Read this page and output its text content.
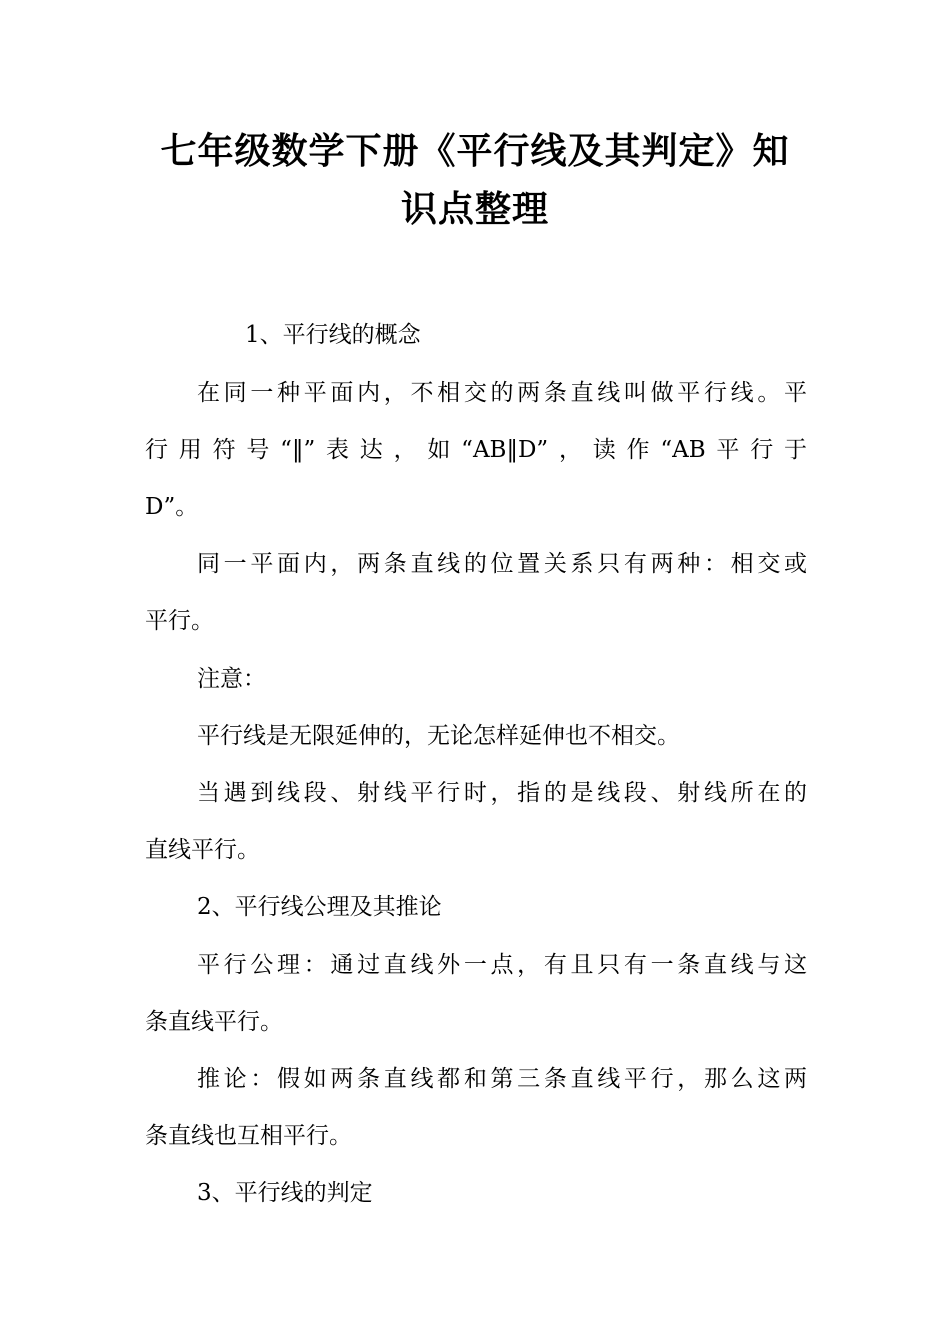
七年级数学下册《平行线及其判定》知
识点整理

1、平行线的概念

在同一种平面内，不相交的两条直线叫做平行线。平

行用符号“‖”表达，如“AB‖D”，读作“AB平行于

D”。

同一平面内，两条直线的位置关系只有两种：相交或

平行。

注意：

平行线是无限延伸的，无论怎样延伸也不相交。

当遇到线段、射线平行时，指的是线段、射线所在的

直线平行。

2、平行线公理及其推论

平行公理：通过直线外一点，有且只有一条直线与这

条直线平行。

推论：假如两条直线都和第三条直线平行，那么这两

条直线也互相平行。

3、平行线的判定
